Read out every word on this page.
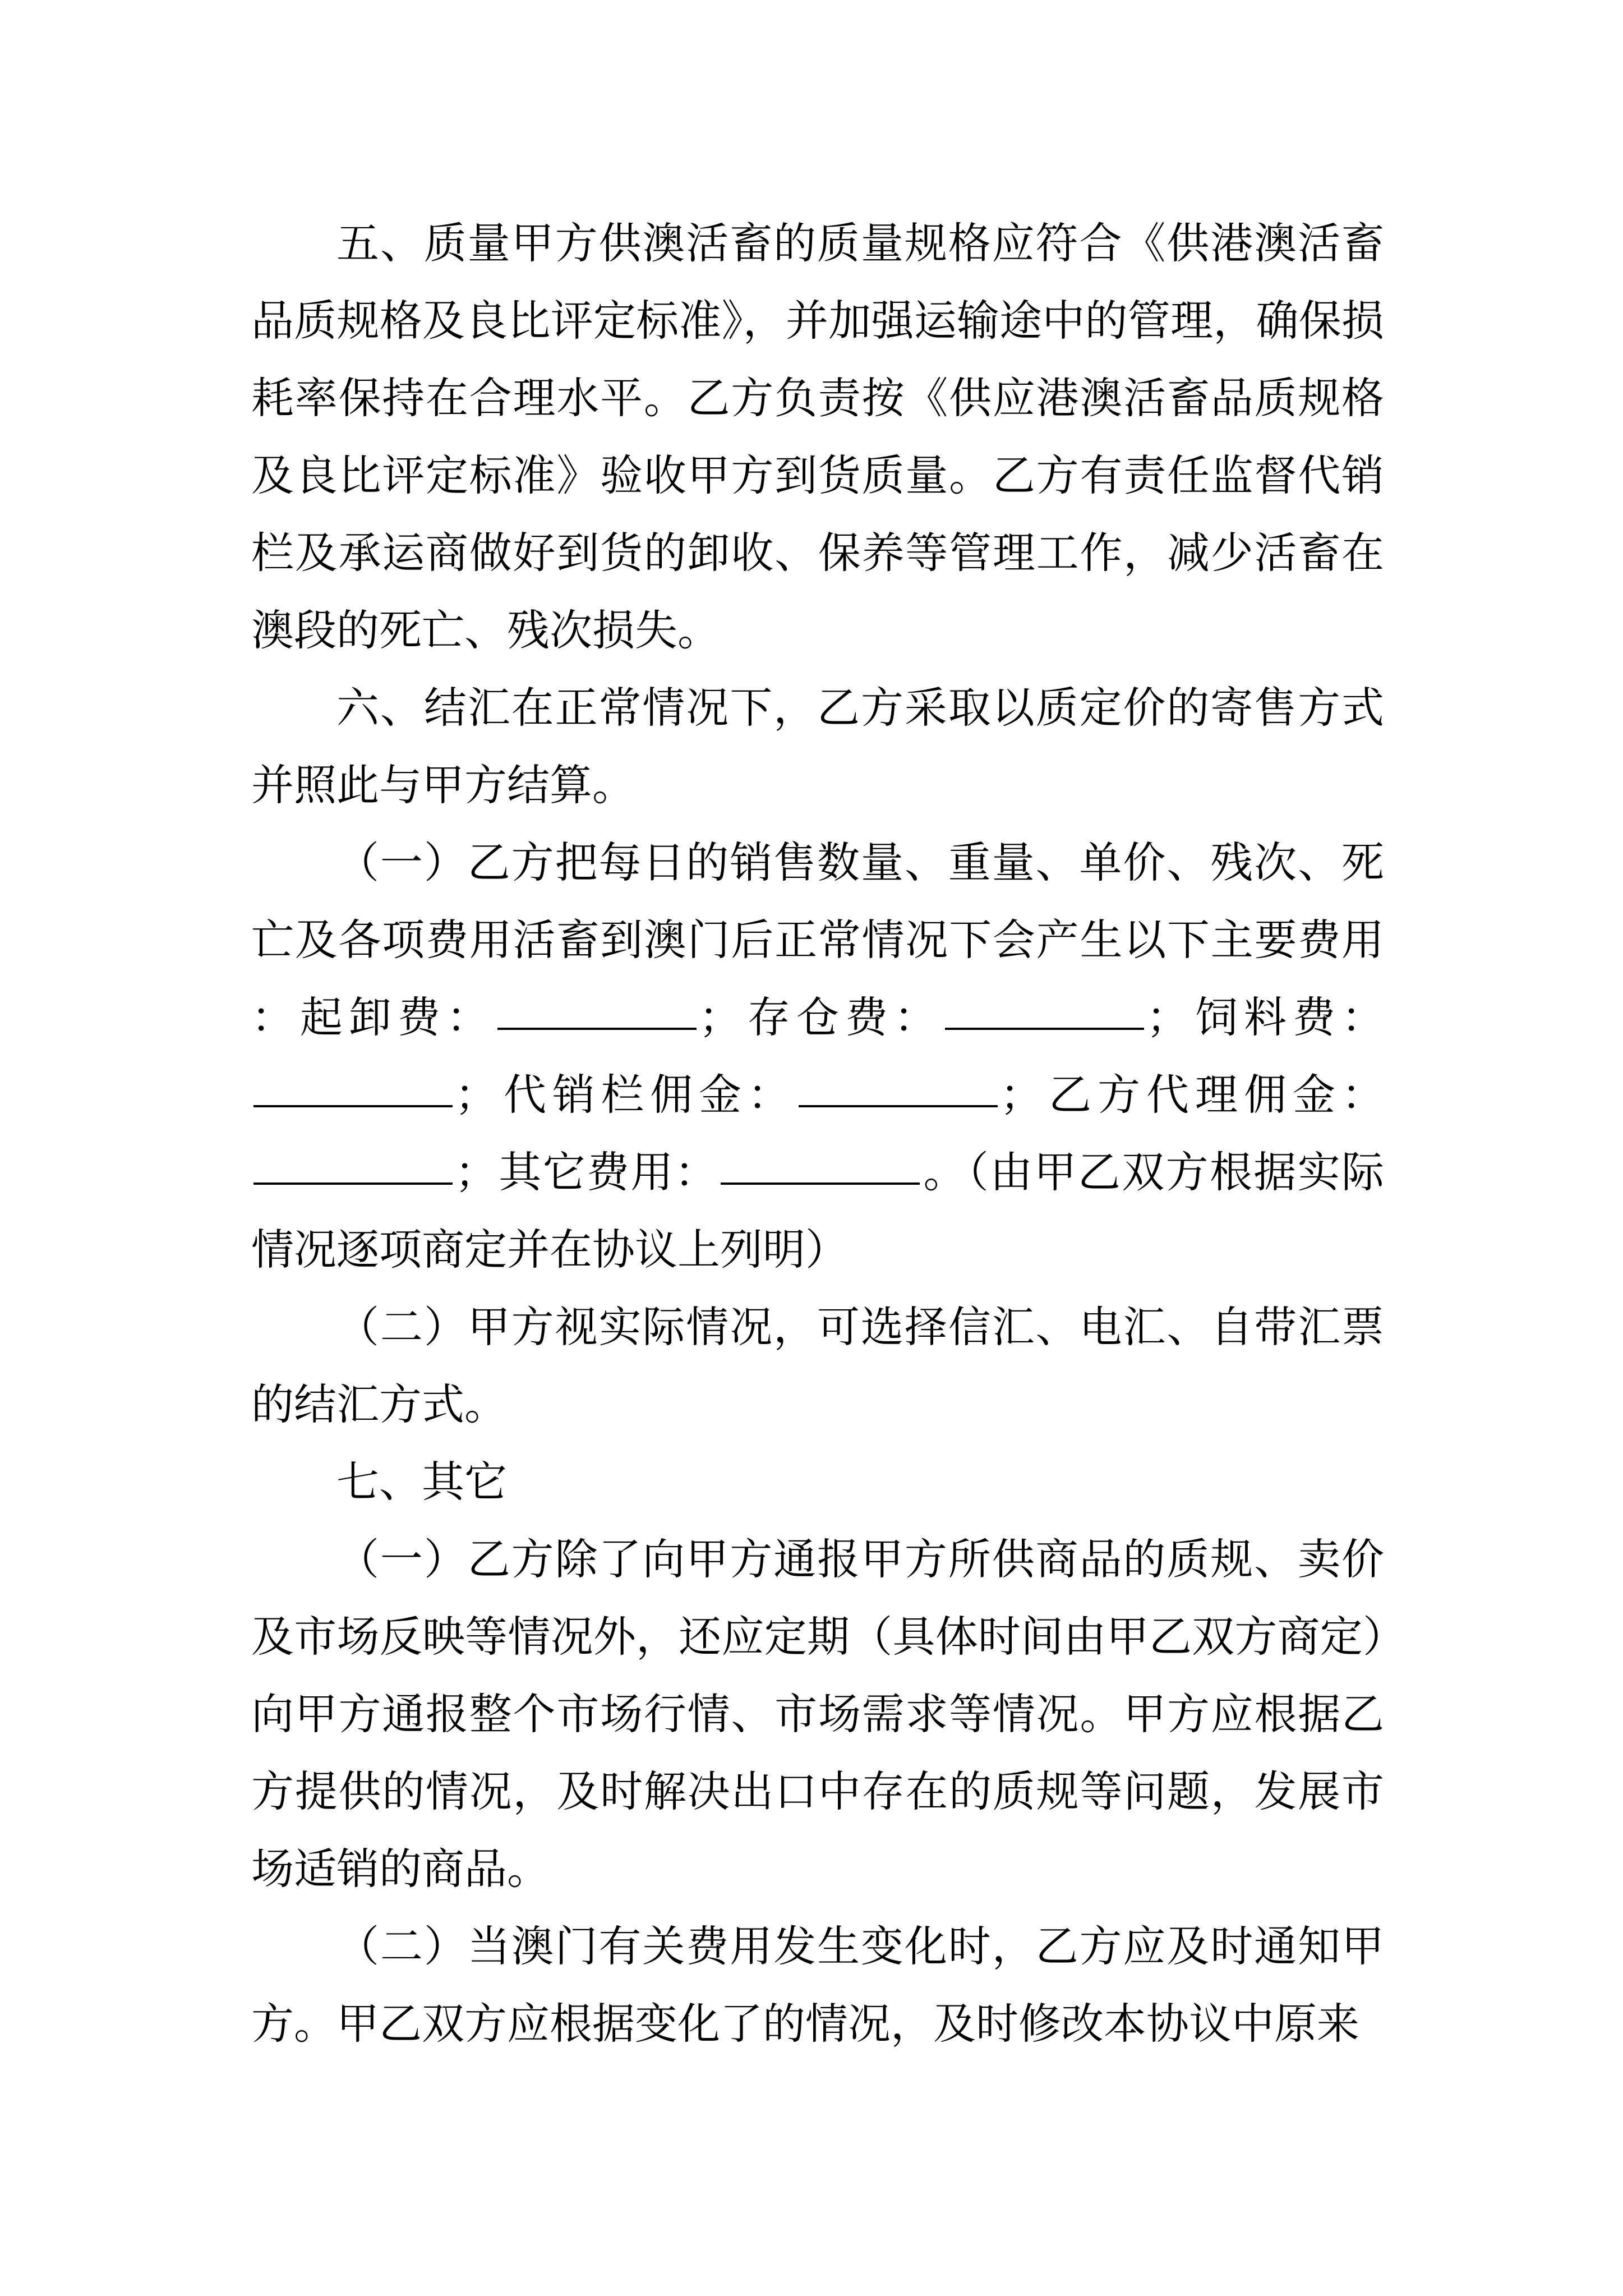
五、质量甲方供澳活畜的质量规格应符合《供港澳活畜品质规格及良比评定标准》，并加强运输途中的管理，确保损耗率保持在合理水平。乙方负责按《供应港澳活畜品质规格及良比评定标准》验收甲方到货质量。乙方有责任监督代销栏及承运商做好到货的卸收、保养等管理工作，减少活畜在澳段的死亡、残次损失。

六、结汇在正常情况下，乙方采取以质定价的寄售方式并照此与甲方结算。

（一）乙方把每日的销售数量、重量、单价、残次、死亡及各项费用活畜到澳门后正常情况下会产生以下主要费用：起卸费：	；存仓费：	；饲料费：；代销栏佣金：	；乙方代理佣金：；其它费用：	。（由甲乙双方根据实际情况逐项商定并在协议上列明）

（二）甲方视实际情况，可选择信汇、电汇、自带汇票的结汇方式。

七、其它

（一）乙方除了向甲方通报甲方所供商品的质规、卖价及市场反映等情况外，还应定期（具体时间由甲乙双方商定）向甲方通报整个市场行情、市场需求等情况。甲方应根据乙方提供的情况，及时解决出口中存在的质规等问题，发展市场适销的商品。

（二）当澳门有关费用发生变化时，乙方应及时通知甲方。甲乙双方应根据变化了的情况，及时修改本协议中原来
